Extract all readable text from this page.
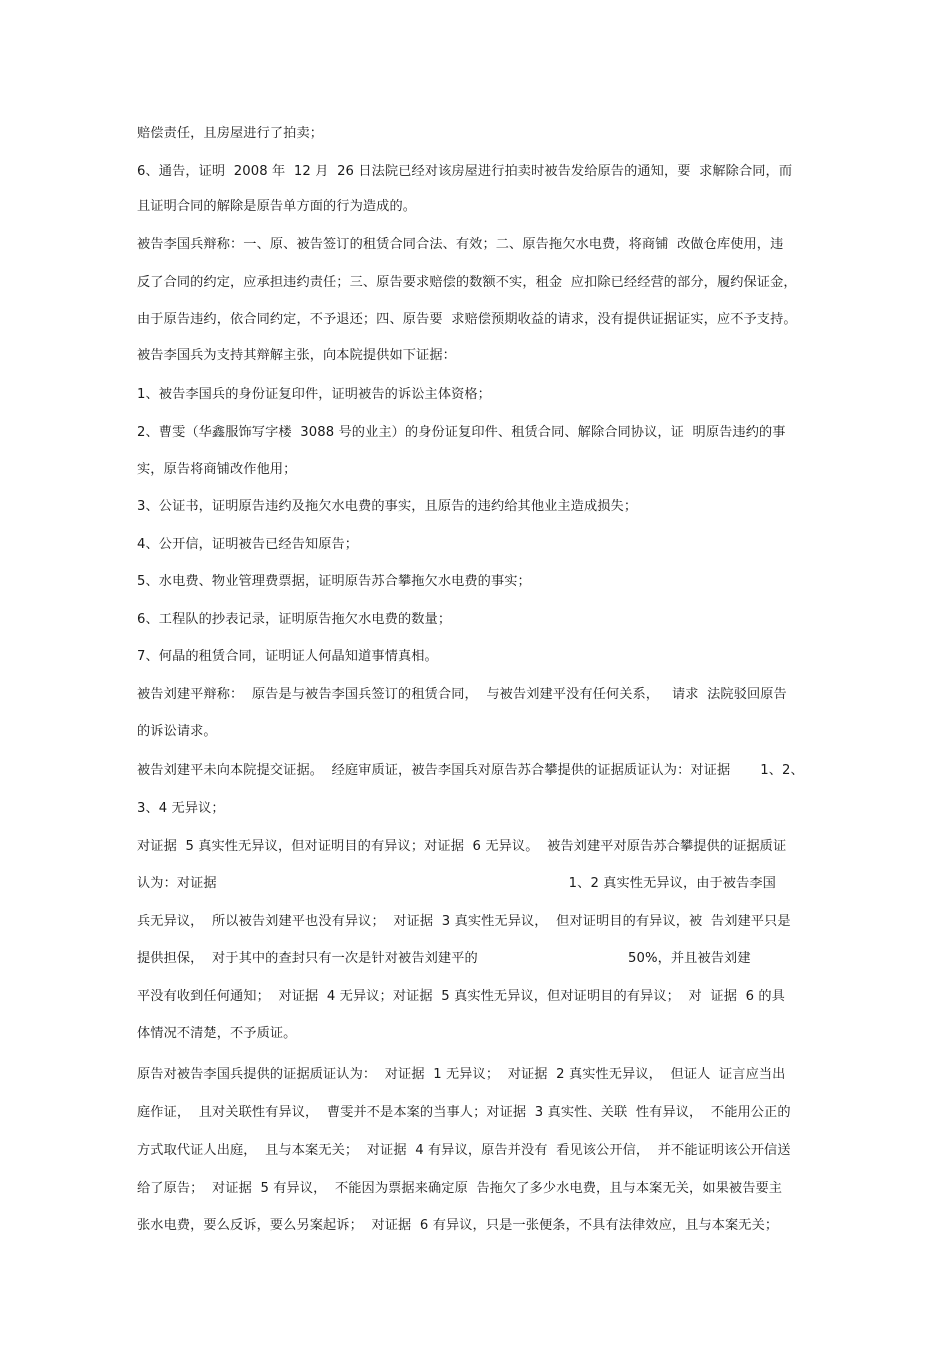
赔偿责任，且房屋进行了拍卖；
6、通告，证明  2008 年  12 月  26 日法院已经对该房屋进行拍卖时被告发给原告的通知，要  求解除合同，而
且证明合同的解除是原告单方面的行为造成的。
被告李国兵辩称：一、原、被告签订的租赁合同合法、有效；二、原告拖欠水电费，将商铺  改做仓库使用，违
反了合同的约定，应承担违约责任；三、原告要求赔偿的数额不实，租金  应扣除已经经营的部分，履约保证金，
由于原告违约，依合同约定，不予退还；四、原告要  求赔偿预期收益的请求，没有提供证据证实，应不予支持。
被告李国兵为支持其辩解主张，向本院提供如下证据：
1、被告李国兵的身份证复印件，证明被告的诉讼主体资格；
2、曹雯（华鑫服饰写字楼  3088 号的业主）的身份证复印件、租赁合同、解除合同协议，证  明原告违约的事
实，原告将商铺改作他用；
3、公证书，证明原告违约及拖欠水电费的事实，且原告的违约给其他业主造成损失；
4、公开信，证明被告已经告知原告；
5、水电费、物业管理费票据，证明原告苏合攀拖欠水电费的事实；
6、工程队的抄表记录，证明原告拖欠水电费的数量；
7、何晶的租赁合同，证明证人何晶知道事情真相。
被告刘建平辩称：  原告是与被告李国兵签订的租赁合同，  与被告刘建平没有任何关系，   请求  法院驳回原告
的诉讼请求。
被告刘建平未向本院提交证据。  经庭审质证，被告李国兵对原告苏合攀提供的证据质证认为：对证据       1、2、
3、4 无异议；
对证据  5 真实性无异议，但对证明目的有异议；对证据  6 无异议。  被告刘建平对原告苏合攀提供的证据质证
认为：对证据                                                                                  1、2 真实性无异议，由于被告李国
兵无异议，  所以被告刘建平也没有异议；  对证据  3 真实性无异议，  但对证明目的有异议，被  告刘建平只是
提供担保，  对于其中的查封只有一次是针对被告刘建平的                                   50%，并且被告刘建
平没有收到任何通知；  对证据  4 无异议；对证据  5 真实性无异议，但对证明目的有异议；  对  证据  6 的具
体情况不清楚，不予质证。
原告对被告李国兵提供的证据质证认为：  对证据  1 无异议；  对证据  2 真实性无异议，  但证人  证言应当出
庭作证，  且对关联性有异议，  曹雯并不是本案的当事人；对证据  3 真实性、关联  性有异议，  不能用公正的
方式取代证人出庭，  且与本案无关；  对证据  4 有异议，原告并没有  看见该公开信，  并不能证明该公开信送
给了原告；  对证据  5 有异议，  不能因为票据来确定原  告拖欠了多少水电费，且与本案无关，如果被告要主
张水电费，要么反诉，要么另案起诉；  对证据  6 有异议，只是一张便条，不具有法律效应，且与本案无关；
